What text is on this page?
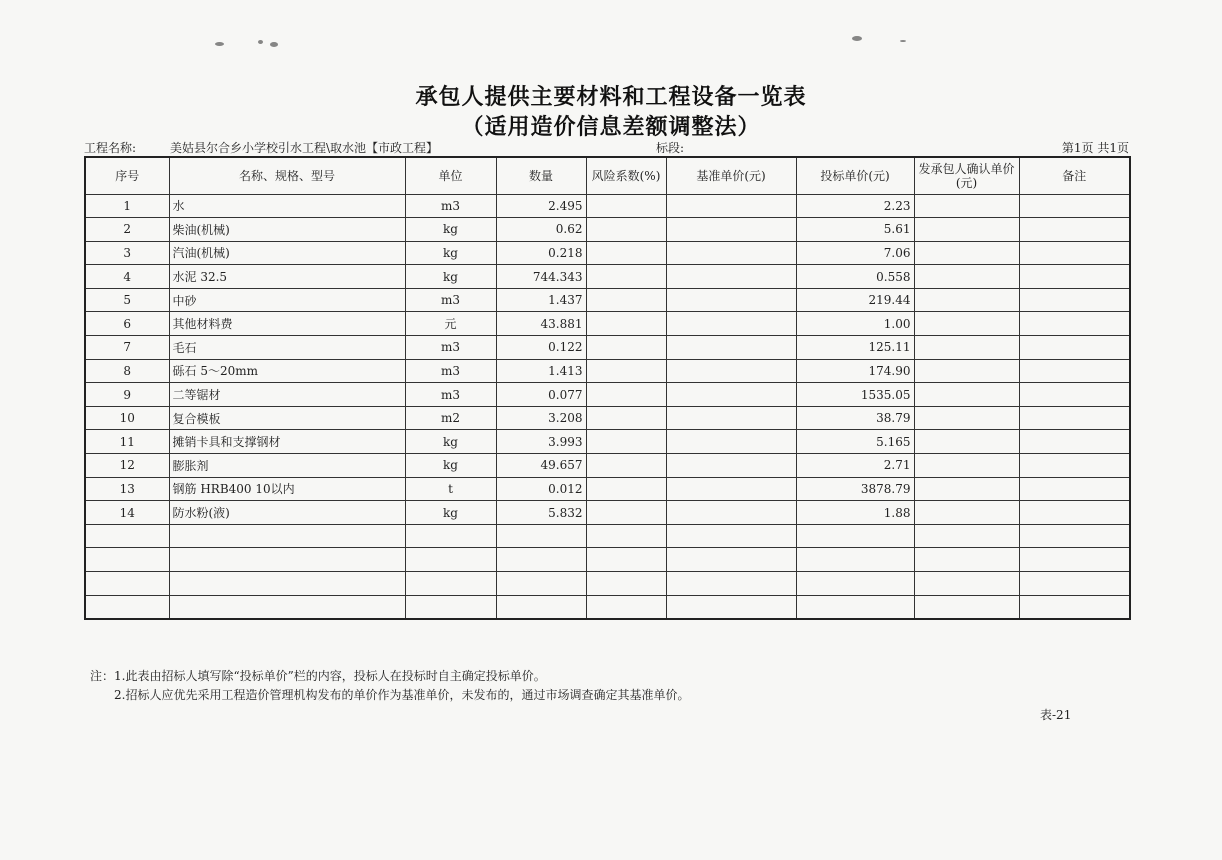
承包人提供主要材料和工程设备一览表
（适用造价信息差额调整法）
工程名称:	美姑县尔合乡小学校引水工程\取水池【市政工程】	标段:	第1页 共1页
序号	名称、规格、型号	单位	数量	风险系数(%)	基准单价(元)	投标单价(元)	发承包人确认单价(元)	备注
1	水	m3	2.495			2.23		
2	柴油(机械)	kg	0.62			5.61		
3	汽油(机械)	kg	0.218			7.06		
4	水泥 32.5	kg	744.343			0.558		
5	中砂	m3	1.437			219.44		
6	其他材料费	元	43.881			1.00		
7	毛石	m3	0.122			125.11		
8	砾石 5～20mm	m3	1.413			174.90		
9	二等锯材	m3	0.077			1535.05		
10	复合模板	m2	3.208			38.79		
11	摊销卡具和支撑钢材	kg	3.993			5.165		
12	膨胀剂	kg	49.657			2.71		
13	钢筋 HRB400 10以内	t	0.012			3878.79		
14	防水粉(液)	kg	5.832			1.88		

注：1.此表由招标人填写除“投标单价”栏的内容，投标人在投标时自主确定投标单价。
2.招标人应优先采用工程造价管理机构发布的单价作为基准单价，未发布的，通过市场调查确定其基准单价。
表-21
